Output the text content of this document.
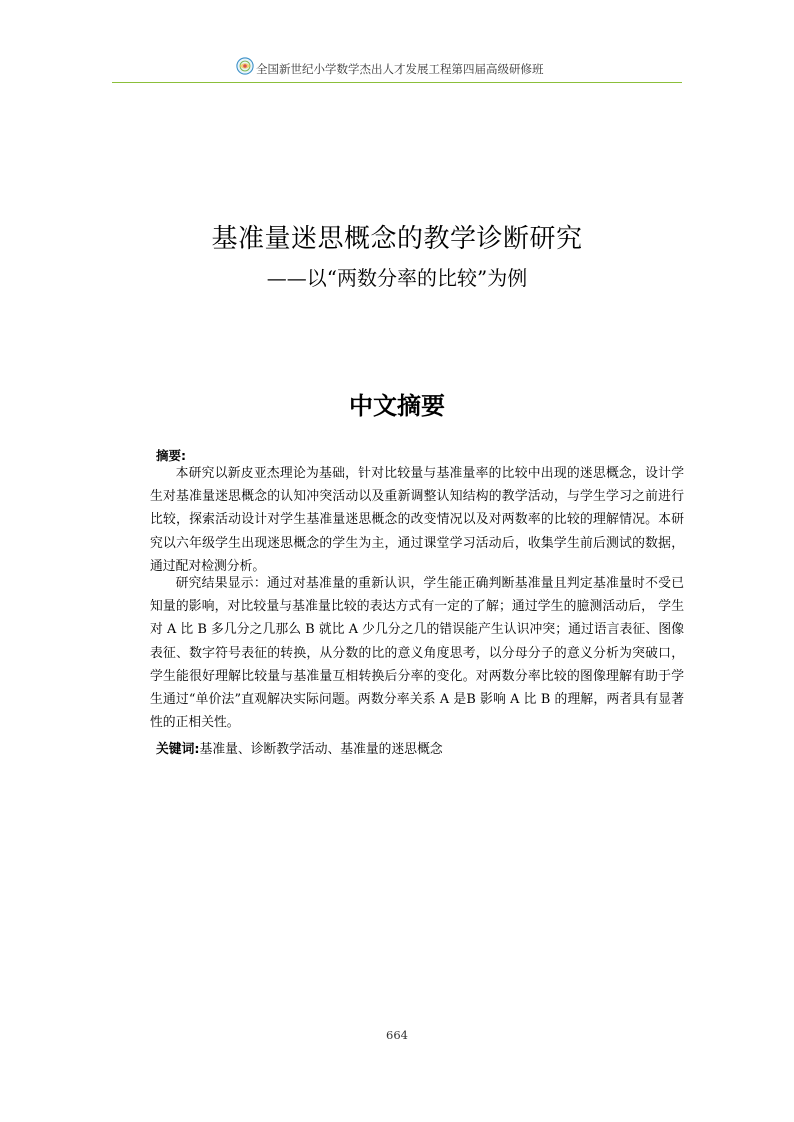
全国新世纪小学数学杰出人才发展工程第四届高级研修班
基准量迷思概念的教学诊断研究
——以“两数分率的比较”为例
中文摘要
摘要:

本研究以新皮亚杰理论为基础，针对比较量与基准量率的比较中出现的迷思概念，设计学生对基准量迷思概念的认知冲突活动以及重新调整认知结构的教学活动，与学生学习之前进行比较，探索活动设计对学生基准量迷思概念的改变情况以及对两数率的比较的理解情况。本研究以六年级学生出现迷思概念的学生为主，通过课堂学习活动后，收集学生前后测试的数据，通过配对检测分析。

研究结果显示：通过对基准量的重新认识，学生能正确判断基准量且判定基准量时不受已知量的影响，对比较量与基准量比较的表达方式有一定的了解；通过学生的臆测活动后， 学生对 A 比 B 多几分之几那么 B 就比 A 少几分之几的错误能产生认识冲突；通过语言表征、图像表征、数字符号表征的转换，从分数的比的意义角度思考，以分母分子的意义分析为突破口，学生能很好理解比较量与基准量互相转换后分率的变化。对两数分率比较的图像理解有助于学生通过“单价法”直观解决实际问题。两数分率关系 A 是B 影响 A 比 B 的理解，两者具有显著性的正相关性。

关键词:基准量、诊断教学活动、基准量的迷思概念
664
